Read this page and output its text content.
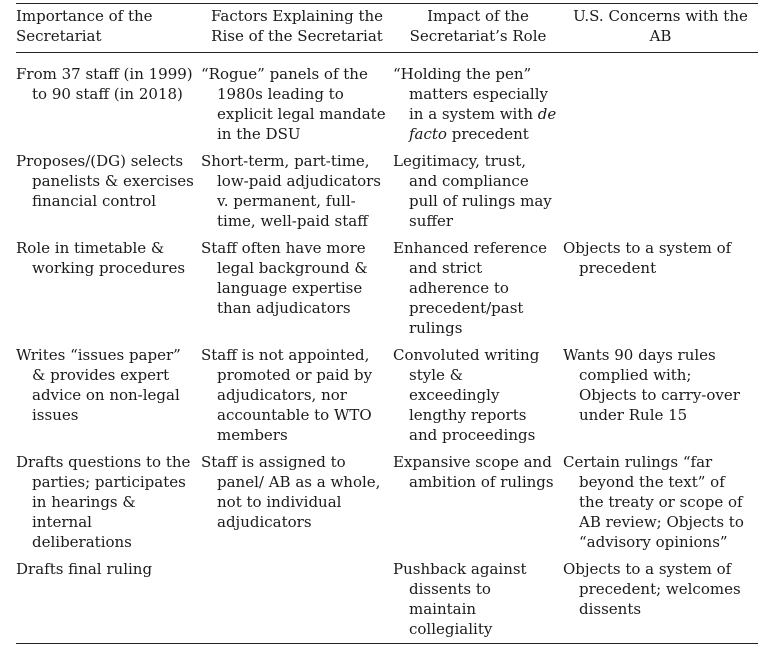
Importance of the Secretariat	Factors Explaining the Rise of the Secretariat	Impact of the Secretariat’s Role	U.S. Concerns with the AB
From 37 staff (in 1999) to 90 staff (in 2018)	“Rogue” panels of the 1980s leading to explicit legal mandate in the DSU	“Holding the pen” matters especially in a system with de facto precedent	
Proposes/(DG) selects panelists & exercises financial control	Short-term, part-time, low-paid adjudicators v. permanent, full-time, well-paid staff	Legitimacy, trust, and compliance pull of rulings may suffer	
Role in timetable & working procedures	Staff often have more legal background & language expertise than adjudicators	Enhanced reference and strict adherence to precedent/past rulings	Objects to a system of precedent
Writes “issues paper” & provides expert advice on non-legal issues	Staff is not appointed, promoted or paid by adjudicators, nor accountable to WTO members	Convoluted writing style & exceedingly lengthy reports and proceedings	Wants 90 days rules complied with; Objects to carry-over under Rule 15
Drafts questions to the parties; participates in hearings & internal deliberations	Staff is assigned to panel/ AB as a whole, not to individual adjudicators	Expansive scope and ambition of rulings	Certain rulings “far beyond the text” of the treaty or scope of AB review; Objects to “advisory opinions”
Drafts final ruling		Pushback against dissents to maintain collegiality	Objects to a system of precedent; welcomes dissents
